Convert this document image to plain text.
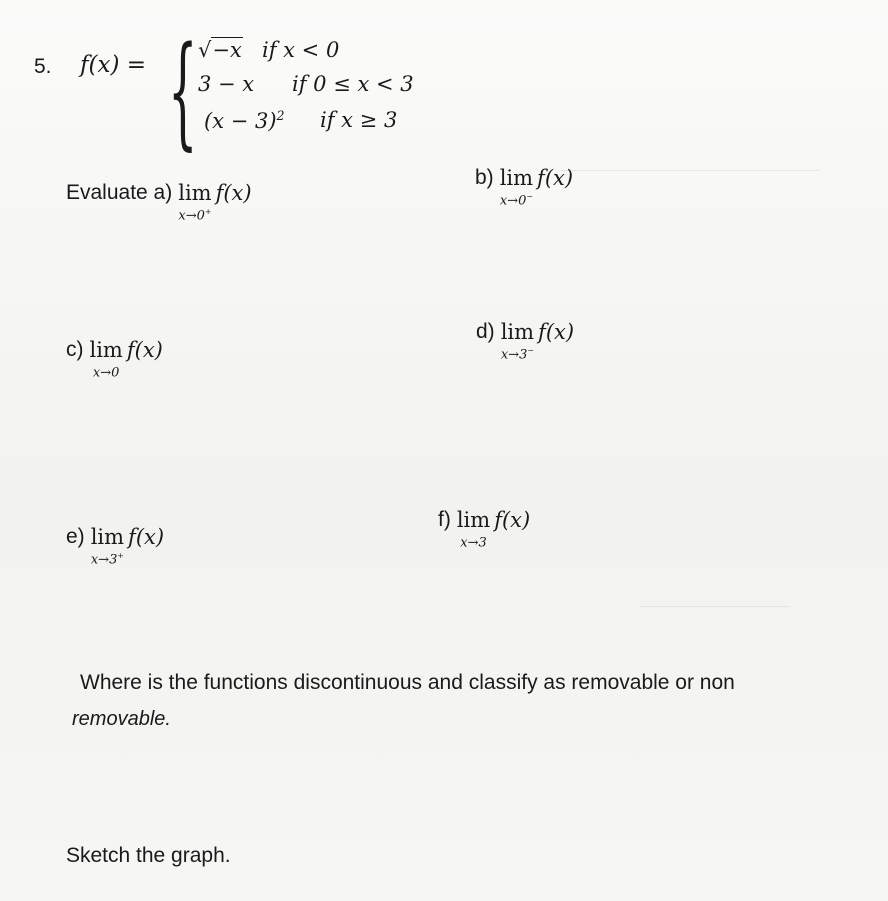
5. f(x) = { √−x if x < 0
3 − x if 0 ≤ x < 3
$(x - 3)^2$ if x ≥ 3
Evaluate a) lim
x→0+
f(x)
b) lim
x→0−
f(x)
c) lim
x→0
f(x)
d) lim
x→3−
f(x)
e) lim
x→3+
f(x)
f) lim
x→3
f(x)
Where is the functions discontinuous and classify as removable or non
removable.
Sketch the graph.
